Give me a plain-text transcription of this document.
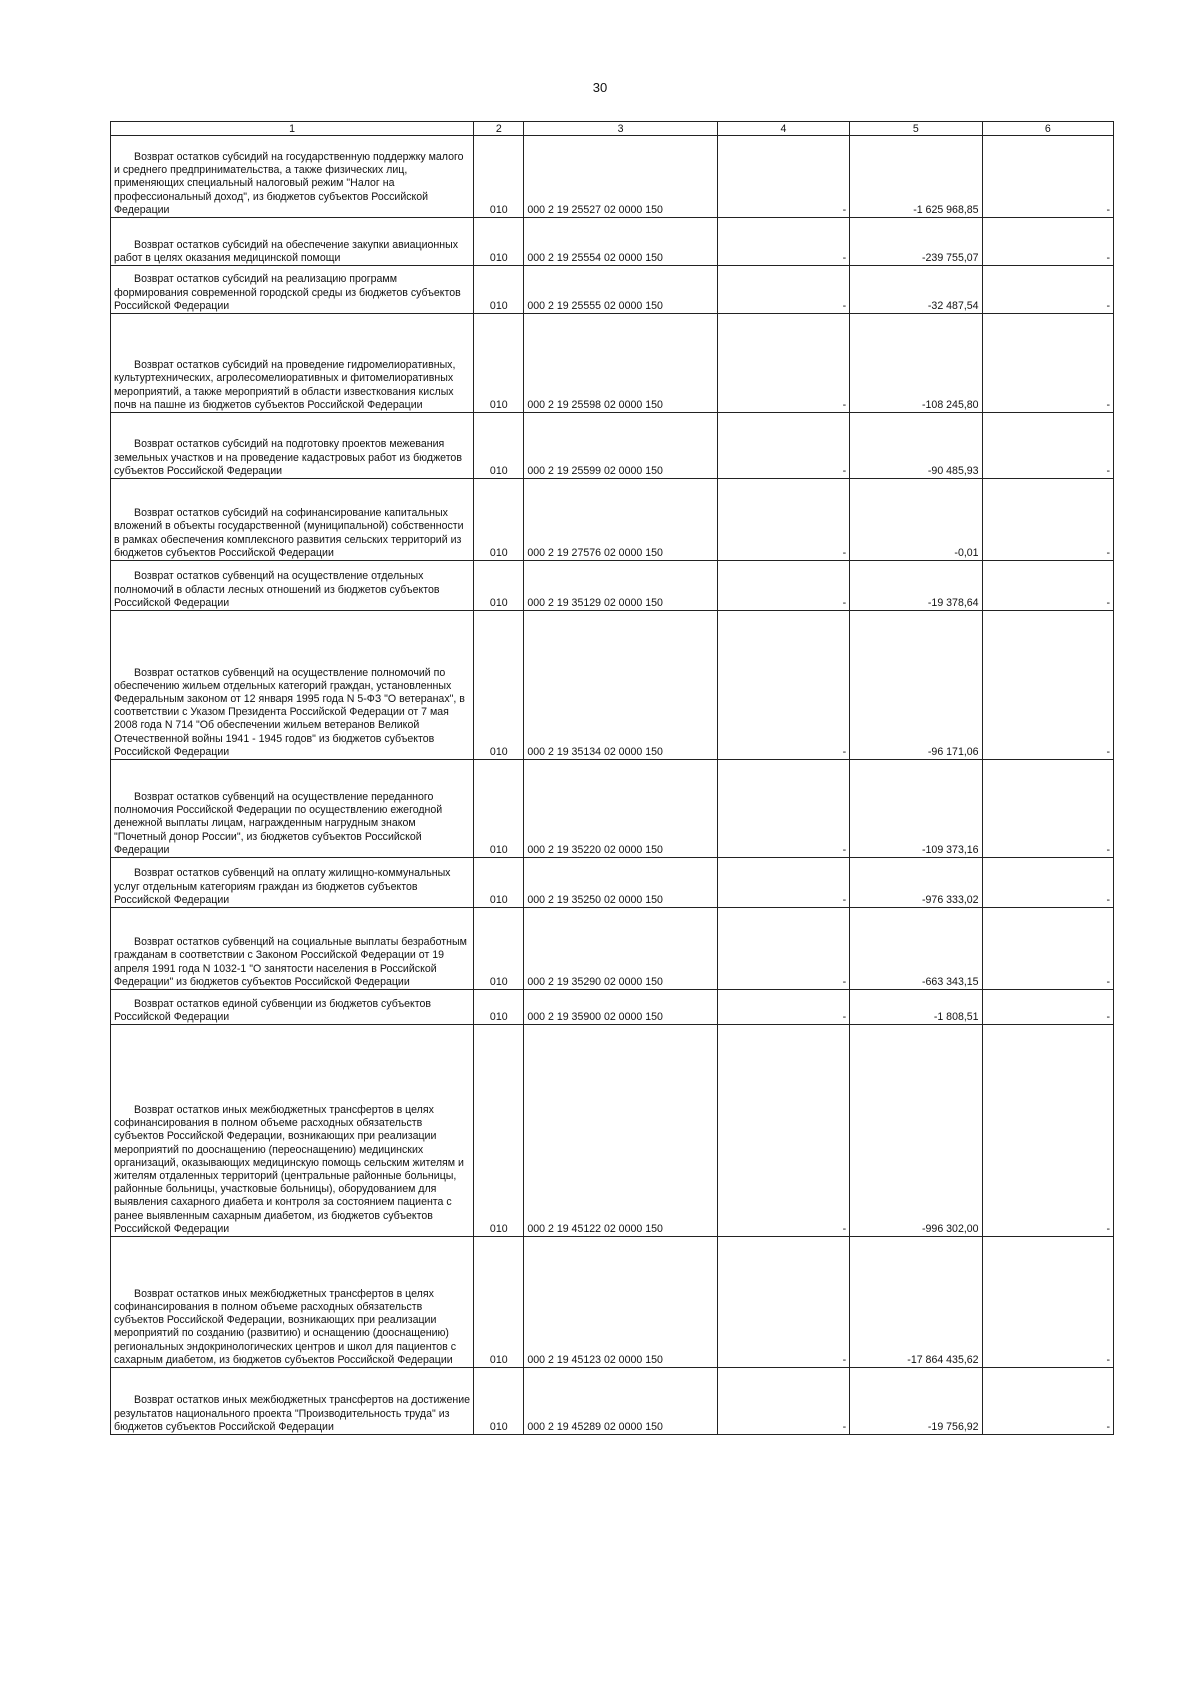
30
1	2	3	4	5	6

Возврат остатков субсидий на государственную поддержку малого и среднего предпринимательства, а также физических лиц, применяющих специальный налоговый режим "Налог на профессиональный доход", из бюджетов субъектов Российской Федерации	010	000 2 19 25527 02 0000 150	-	-1 625 968,85	-

Возврат остатков субсидий на обеспечение закупки авиационных работ в целях оказания медицинской помощи	010	000 2 19 25554 02 0000 150	-	-239 755,07	-

Возврат остатков субсидий на реализацию программ формирования современной городской среды из бюджетов субъектов Российской Федерации	010	000 2 19 25555 02 0000 150	-	-32 487,54	-

Возврат остатков субсидий на проведение гидромелиоративных, культуртехнических, агролесомелиоративных и фитомелиоративных мероприятий, а также мероприятий в области известкования кислых почв на пашне из бюджетов субъектов Российской Федерации	010	000 2 19 25598 02 0000 150	-	-108 245,80	-

Возврат остатков субсидий на подготовку проектов межевания земельных участков и на проведение кадастровых работ из бюджетов субъектов Российской Федерации	010	000 2 19 25599 02 0000 150	-	-90 485,93	-

Возврат остатков субсидий на софинансирование капитальных вложений в объекты государственной (муниципальной) собственности в рамках обеспечения комплексного развития сельских территорий из бюджетов субъектов Российской Федерации	010	000 2 19 27576 02 0000 150	-	-0,01	-

Возврат остатков субвенций на осуществление отдельных полномочий в области лесных отношений из бюджетов субъектов Российской Федерации	010	000 2 19 35129 02 0000 150	-	-19 378,64	-

Возврат остатков субвенций на осуществление полномочий по обеспечению жильем отдельных категорий граждан, установленных Федеральным законом от 12 января 1995 года N 5-ФЗ "О ветеранах", в соответствии с Указом Президента Российской Федерации от 7 мая 2008 года N 714 "Об обеспечении жильем ветеранов Великой Отечественной войны 1941 - 1945 годов" из бюджетов субъектов Российской Федерации	010	000 2 19 35134 02 0000 150	-	-96 171,06	-

Возврат остатков субвенций на осуществление переданного полномочия Российской Федерации по осуществлению ежегодной денежной выплаты лицам, награжденным нагрудным знаком "Почетный донор России", из бюджетов субъектов Российской Федерации	010	000 2 19 35220 02 0000 150	-	-109 373,16	-

Возврат остатков субвенций на оплату жилищно-коммунальных услуг отдельным категориям граждан из бюджетов субъектов Российской Федерации	010	000 2 19 35250 02 0000 150	-	-976 333,02	-

Возврат остатков субвенций на социальные выплаты безработным гражданам в соответствии с Законом Российской Федерации от 19 апреля 1991 года N 1032-1 "О занятости населения в Российской Федерации" из бюджетов субъектов Российской Федерации	010	000 2 19 35290 02 0000 150	-	-663 343,15	-

Возврат остатков единой субвенции из бюджетов субъектов Российской Федерации	010	000 2 19 35900 02 0000 150	-	-1 808,51	-

Возврат остатков иных межбюджетных трансфертов в целях софинансирования в полном объеме расходных обязательств субъектов Российской Федерации, возникающих при реализации мероприятий по дооснащению (переоснащению) медицинских организаций, оказывающих медицинскую помощь сельским жителям и жителям отдаленных территорий (центральные районные больницы, районные больницы, участковые больницы), оборудованием для выявления сахарного диабета и контроля за состоянием пациента с ранее выявленным сахарным диабетом, из бюджетов субъектов Российской Федерации	010	000 2 19 45122 02 0000 150	-	-996 302,00	-

Возврат остатков иных межбюджетных трансфертов в целях софинансирования в полном объеме расходных обязательств субъектов Российской Федерации, возникающих при реализации мероприятий по созданию (развитию) и оснащению (дооснащению) региональных эндокринологических центров и школ для пациентов с сахарным диабетом, из бюджетов субъектов Российской Федерации	010	000 2 19 45123 02 0000 150	-	-17 864 435,62	-

Возврат остатков иных межбюджетных трансфертов на достижение результатов национального проекта "Производительность труда" из бюджетов субъектов Российской Федерации	010	000 2 19 45289 02 0000 150	-	-19 756,92	-
